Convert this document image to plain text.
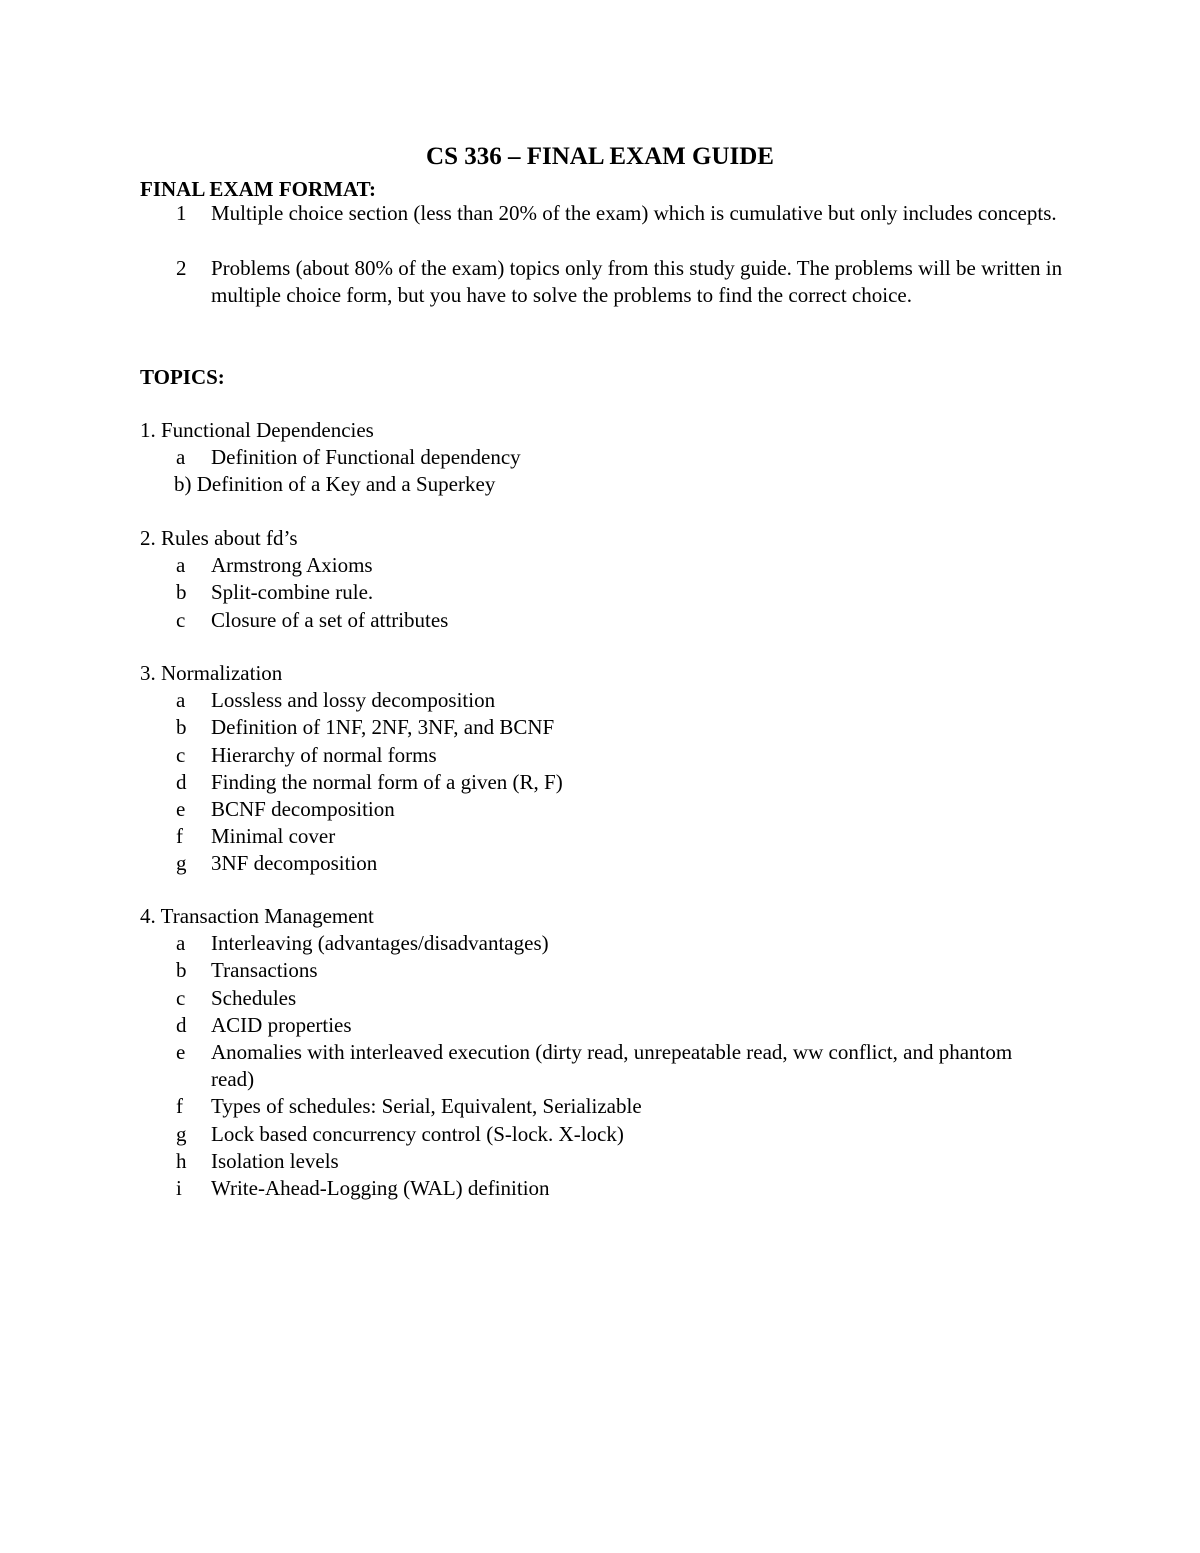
CS 336 – FINAL EXAM GUIDE
FINAL EXAM FORMAT:
1	Multiple choice section (less than 20% of the exam) which is cumulative but only includes concepts.
2	Problems (about 80% of the exam) topics only from this study guide. The problems will be written in multiple choice form, but you have to solve the problems to find the correct choice.
TOPICS:
1. Functional Dependencies
a Definition of Functional dependency
b) Definition of a Key and a Superkey
2. Rules about fd’s
a Armstrong Axioms
b Split-combine rule.
c Closure of a set of attributes
3. Normalization
a Lossless and lossy decomposition
b Definition of 1NF, 2NF, 3NF, and BCNF
c Hierarchy of normal forms
d Finding the normal form of a given (R, F)
e BCNF decomposition
f Minimal cover
g 3NF decomposition
4. Transaction Management
a Interleaving (advantages/disadvantages)
b Transactions
c Schedules
d ACID properties
e Anomalies with interleaved execution (dirty read, unrepeatable read, ww conflict, and phantom read)
f Types of schedules: Serial, Equivalent, Serializable
g Lock based concurrency control (S-lock. X-lock)
h Isolation levels
i Write-Ahead-Logging (WAL) definition
